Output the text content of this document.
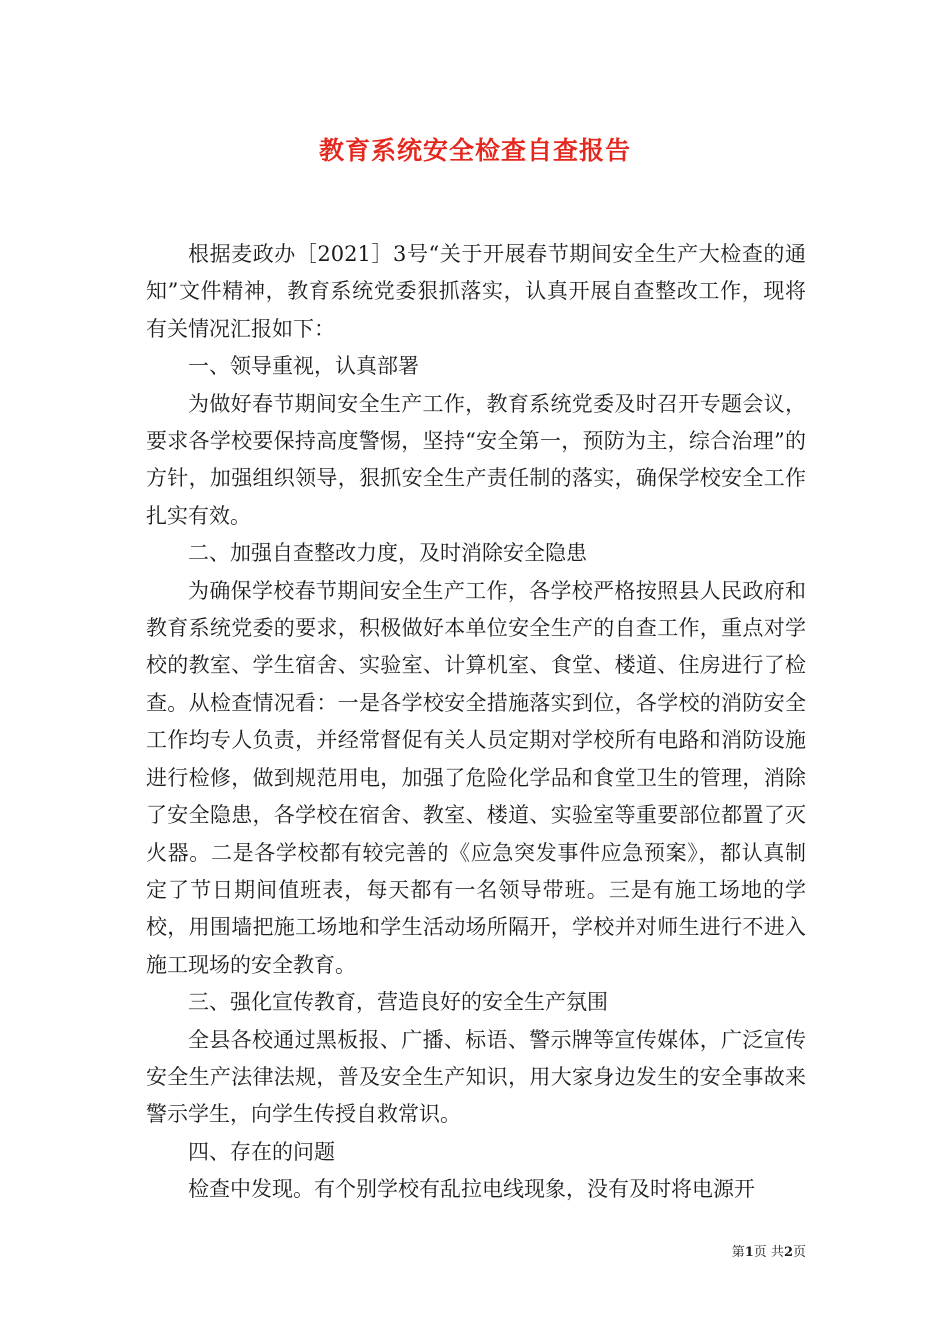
教育系统安全检查自查报告

根据麦政办［2021］3号“关于开展春节期间安全生产大检查的通知”文件精神，教育系统党委狠抓落实，认真开展自查整改工作，现将有关情况汇报如下：

一、领导重视，认真部署

为做好春节期间安全生产工作，教育系统党委及时召开专题会议，要求各学校要保持高度警惕，坚持“安全第一，预防为主，综合治理”的方针，加强组织领导，狠抓安全生产责任制的落实，确保学校安全工作扎实有效。

二、加强自查整改力度，及时消除安全隐患

为确保学校春节期间安全生产工作，各学校严格按照县人民政府和教育系统党委的要求，积极做好本单位安全生产的自查工作，重点对学校的教室、学生宿舍、实验室、计算机室、食堂、楼道、住房进行了检查。从检查情况看：一是各学校安全措施落实到位，各学校的消防安全工作均专人负责，并经常督促有关人员定期对学校所有电路和消防设施进行检修，做到规范用电，加强了危险化学品和食堂卫生的管理，消除了安全隐患，各学校在宿舍、教室、楼道、实验室等重要部位都置了灭火器。二是各学校都有较完善的《应急突发事件应急预案》，都认真制定了节日期间值班表，每天都有一名领导带班。三是有施工场地的学校，用围墙把施工场地和学生活动场所隔开，学校并对师生进行不进入施工现场的安全教育。

三、强化宣传教育，营造良好的安全生产氛围

全县各校通过黑板报、广播、标语、警示牌等宣传媒体，广泛宣传安全生产法律法规，普及安全生产知识，用大家身边发生的安全事故来警示学生，向学生传授自救常识。

四、存在的问题

检查中发现。有个别学校有乱拉电线现象，没有及时将电源开

第1页 共2页
